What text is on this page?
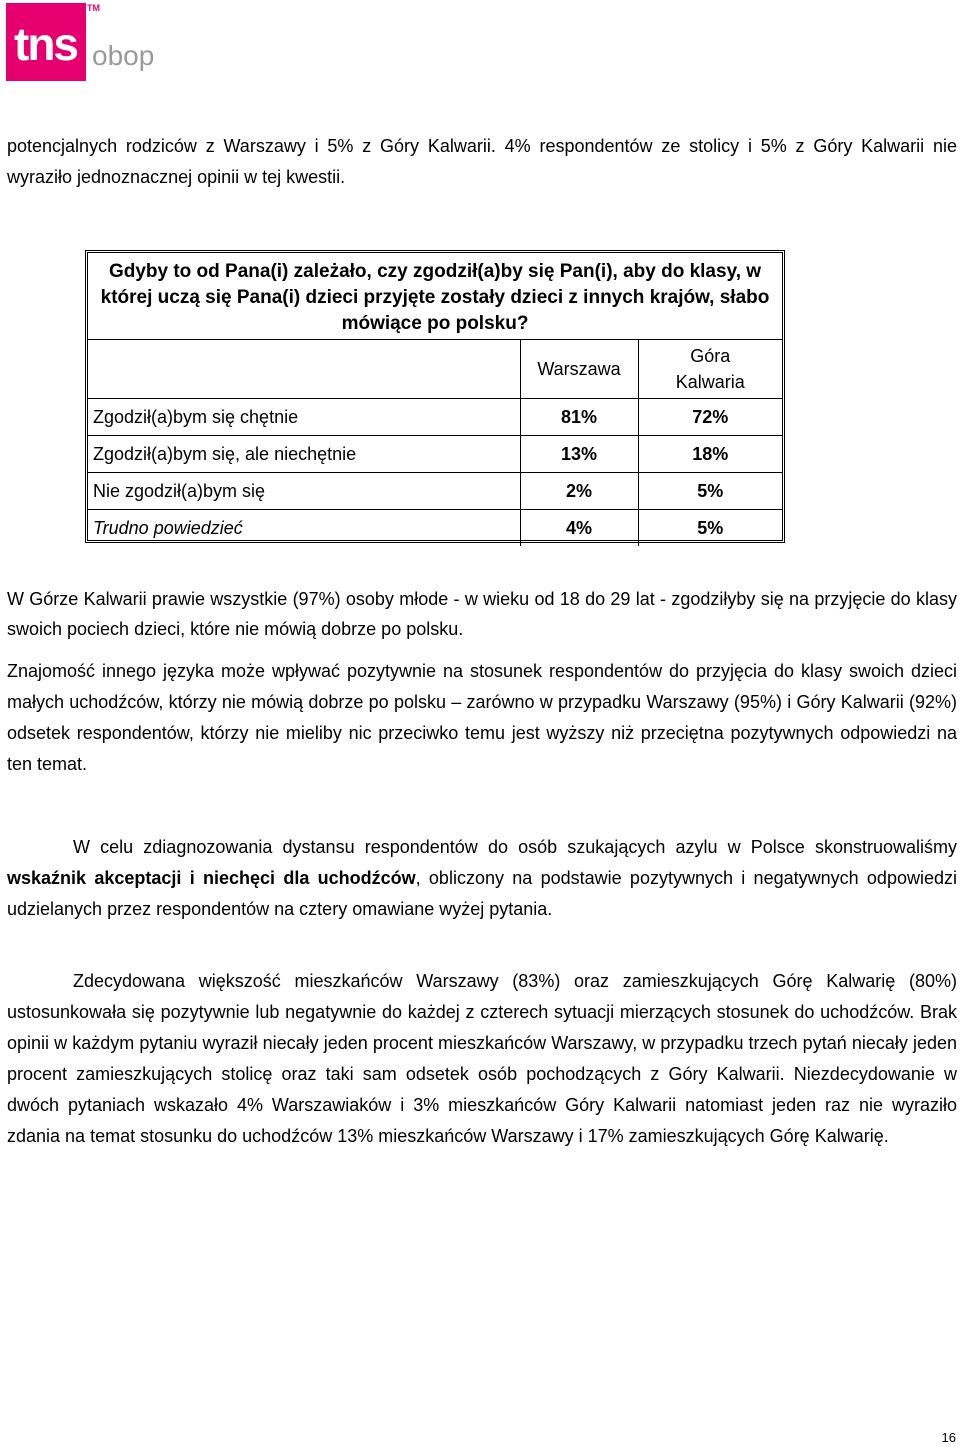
tns
TM
obop
potencjalnych rodziców z Warszawy i 5% z Góry Kalwarii. 4% respondentów ze stolicy i 5% z Góry Kalwarii nie wyraziło jednoznacznej opinii w tej kwestii.
Gdyby to od Pana(i) zależało, czy zgodził(a)by się Pan(i), aby do klasy, w której uczą się Pana(i) dzieci przyjęte zostały dzieci z innych krajów, słabo mówiące po polsku?
	Warszawa	Góra Kalwaria
Zgodził(a)bym się chętnie	81%	72%
Zgodził(a)bym się, ale niechętnie	13%	18%
Nie zgodził(a)bym się	2%	5%
Trudno powiedzieć	4%	5%
W Górze Kalwarii prawie wszystkie (97%) osoby młode - w wieku od 18 do 29 lat - zgodziłyby się na przyjęcie do klasy swoich pociech dzieci, które nie mówią dobrze po polsku.
Znajomość innego języka może wpływać pozytywnie na stosunek respondentów do przyjęcia do klasy swoich dzieci małych uchodźców, którzy nie mówią dobrze po polsku – zarówno w przypadku Warszawy (95%) i Góry Kalwarii (92%) odsetek respondentów, którzy nie mieliby nic przeciwko temu jest wyższy niż przeciętna pozytywnych odpowiedzi na ten temat.
W celu zdiagnozowania dystansu respondentów do osób szukających azylu w Polsce skonstruowaliśmy wskaźnik akceptacji i niechęci dla uchodźców, obliczony na podstawie pozytywnych i negatywnych odpowiedzi udzielanych przez respondentów na cztery omawiane wyżej pytania.
Zdecydowana większość mieszkańców Warszawy (83%) oraz zamieszkujących Górę Kalwarię (80%) ustosunkowała się pozytywnie lub negatywnie do każdej z czterech sytuacji mierzących stosunek do uchodźców. Brak opinii w każdym pytaniu wyraził niecały jeden procent mieszkańców Warszawy, w przypadku trzech pytań niecały jeden procent zamieszkujących stolicę oraz taki sam odsetek osób pochodzących z Góry Kalwarii. Niezdecydowanie w dwóch pytaniach wskazało 4% Warszawiaków i 3% mieszkańców Góry Kalwarii natomiast jeden raz nie wyraziło zdania na temat stosunku do uchodźców 13% mieszkańców Warszawy i 17% zamieszkujących Górę Kalwarię.
16
